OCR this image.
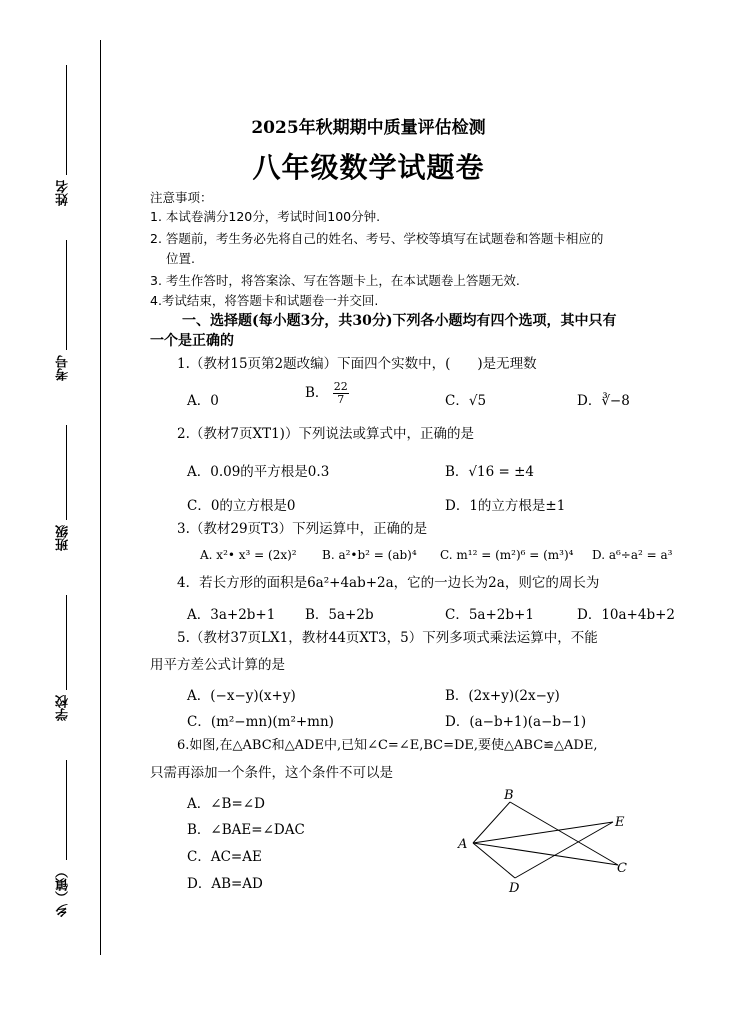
姓名
考号
班级
学校
乡（镇）
2025年秋期期中质量评估检测
八年级数学试题卷
注意事项：
1. 本试卷满分120分，考试时间100分钟.
2. 答题前，考生务必先将自己的姓名、考号、学校等填写在试题卷和答题卡相应的
位置.
3. 考生作答时，将答案涂、写在答题卡上，在本试题卷上答题无效.
4.考试结束，将答题卡和试题卷一并交回.
一、选择题(每小题3分，共30分)下列各小题均有四个选项，其中只有
一个是正确的
1.（教材15页第2题改编）下面四个实数中，(　　)是无理数
A．0	B． $\frac{22}{7}$	C．√5	D．∛−8
2.（教材7页XT1)）下列说法或算式中，正确的是
A．0.09的平方根是0.3	B．√16 = ±4
C．0的立方根是0	D．1的立方根是±1
3.（教材29页T3）下列运算中，正确的是
A. x²• x³ = (2x)² B. a²•b² = (ab)⁴ C. m¹² = (m²)⁶ = (m³)⁴ D. a⁶÷a² = a³
4．若长方形的面积是6a²+4ab+2a，它的一边长为2a，则它的周长为
A．3a+2b+1 B．5a+2b	C．5a+2b+1	D．10a+4b+2
5.（教材37页LX1，教材44页XT3，5）下列多项式乘法运算中，不能
用平方差公式计算的是
A．(−x−y)(x+y)	B．(2x+y)(2x−y)
C．(m²−mn)(m²+mn)	D．(a−b+1)(a−b−1)
6.如图,在△ABC和△ADE中,已知∠C=∠E,BC=DE,要使△ABC≌△ADE,
只需再添加一个条件，这个条件不可以是
A．∠B=∠D
B．∠BAE=∠DAC
C．AC=AE
D．AB=AD
A
B
C
D
E
